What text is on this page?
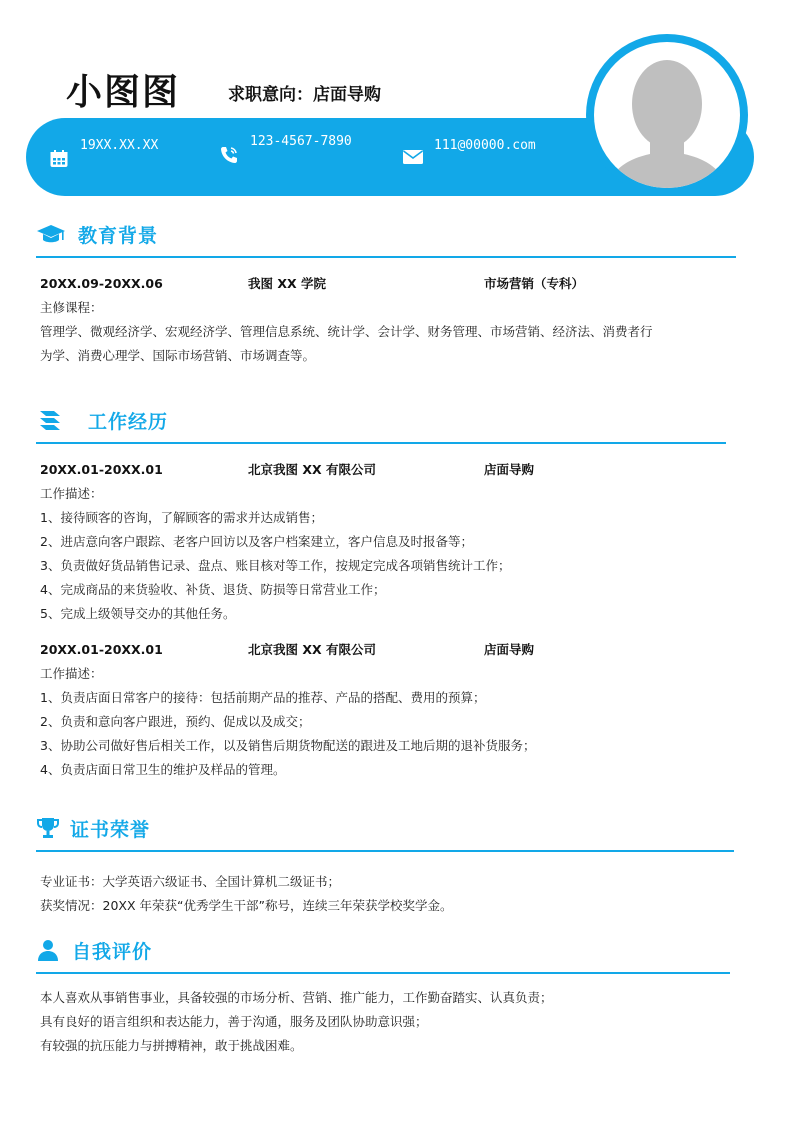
小图图	求职意向：店面导购
19XX.XX.XX	123-4567-7890	111@00000.com
教育背景
20XX.09-20XX.06	我图 XX 学院	市场营销（专科）
主修课程：
管理学、微观经济学、宏观经济学、管理信息系统、统计学、会计学、财务管理、市场营销、经济法、消费者行
为学、消费心理学、国际市场营销、市场调查等。
工作经历
20XX.01-20XX.01	北京我图 XX 有限公司	店面导购
工作描述：
1、接待顾客的咨询，了解顾客的需求并达成销售；
2、进店意向客户跟踪、老客户回访以及客户档案建立，客户信息及时报备等；
3、负责做好货品销售记录、盘点、账目核对等工作，按规定完成各项销售统计工作；
4、完成商品的来货验收、补货、退货、防损等日常营业工作；
5、完成上级领导交办的其他任务。
20XX.01-20XX.01	北京我图 XX 有限公司	店面导购
工作描述：
1、负责店面日常客户的接待：包括前期产品的推荐、产品的搭配、费用的预算；
2、负责和意向客户跟进，预约、促成以及成交；
3、协助公司做好售后相关工作，以及销售后期货物配送的跟进及工地后期的退补货服务；
4、负责店面日常卫生的维护及样品的管理。
证书荣誉
专业证书：大学英语六级证书、全国计算机二级证书；
获奖情况：20XX 年荣获“优秀学生干部”称号，连续三年荣获学校奖学金。
自我评价
本人喜欢从事销售事业，具备较强的市场分析、营销、推广能力，工作勤奋踏实、认真负责；
具有良好的语言组织和表达能力，善于沟通，服务及团队协助意识强；
有较强的抗压能力与拼搏精神，敢于挑战困难。
